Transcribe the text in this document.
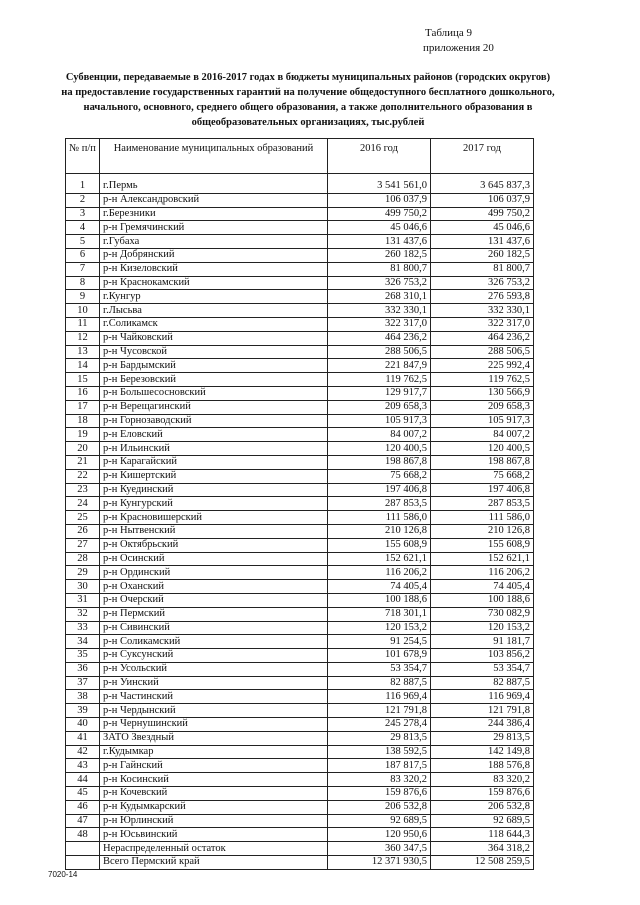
Таблица 9
приложения 20
Субвенции, передаваемые в 2016-2017 годах в бюджеты муниципальных районов (городских округов) на предоставление государственных гарантий на получение общедоступного бесплатного дошкольного, начального, основного, среднего общего образования, а также дополнительного образования в общеобразовательных организациях, тыс.рублей
№ п/п	Наименование муниципальных образований	2016 год	2017 год
1	г.Пермь	3 541 561,0	3 645 837,3
2	р-н Александровский	106 037,9	106 037,9
3	г.Березники	499 750,2	499 750,2
4	р-н Гремячинский	45 046,6	45 046,6
5	г.Губаха	131 437,6	131 437,6
6	р-н Добрянский	260 182,5	260 182,5
7	р-н Кизеловский	81 800,7	81 800,7
8	р-н Краснокамский	326 753,2	326 753,2
9	г.Кунгур	268 310,1	276 593,8
10	г.Лысьва	332 330,1	332 330,1
11	г.Соликамск	322 317,0	322 317,0
12	р-н Чайковский	464 236,2	464 236,2
13	р-н Чусовской	288 506,5	288 506,5
14	р-н Бардымский	221 847,9	225 992,4
15	р-н Березовский	119 762,5	119 762,5
16	р-н Большесосновский	129 917,7	130 566,9
17	р-н Верещагинский	209 658,3	209 658,3
18	р-н Горнозаводский	105 917,3	105 917,3
19	р-н Еловский	84 007,2	84 007,2
20	р-н Ильинский	120 400,5	120 400,5
21	р-н Карагайский	198 867,8	198 867,8
22	р-н Кишертский	75 668,2	75 668,2
23	р-н Куединский	197 406,8	197 406,8
24	р-н Кунгурский	287 853,5	287 853,5
25	р-н Красновишерский	111 586,0	111 586,0
26	р-н Нытвенский	210 126,8	210 126,8
27	р-н Октябрьский	155 608,9	155 608,9
28	р-н Осинский	152 621,1	152 621,1
29	р-н Ординский	116 206,2	116 206,2
30	р-н Оханский	74 405,4	74 405,4
31	р-н Очерский	100 188,6	100 188,6
32	р-н Пермский	718 301,1	730 082,9
33	р-н Сивинский	120 153,2	120 153,2
34	р-н Соликамский	91 254,5	91 181,7
35	р-н Суксунский	101 678,9	103 856,2
36	р-н Усольский	53 354,7	53 354,7
37	р-н Уинский	82 887,5	82 887,5
38	р-н Частинский	116 969,4	116 969,4
39	р-н Чердынский	121 791,8	121 791,8
40	р-н Чернушинский	245 278,4	244 386,4
41	ЗАТО Звездный	29 813,5	29 813,5
42	г.Кудымкар	138 592,5	142 149,8
43	р-н Гайнский	187 817,5	188 576,8
44	р-н Косинский	83 320,2	83 320,2
45	р-н Кочевский	159 876,6	159 876,6
46	р-н Кудымкарский	206 532,8	206 532,8
47	р-н Юрлинский	92 689,5	92 689,5
48	р-н Юсьвинский	120 950,6	118 644,3
	Нераспределенный остаток	360 347,5	364 318,2
	Всего Пермский край	12 371 930,5	12 508 259,5
7020-14
